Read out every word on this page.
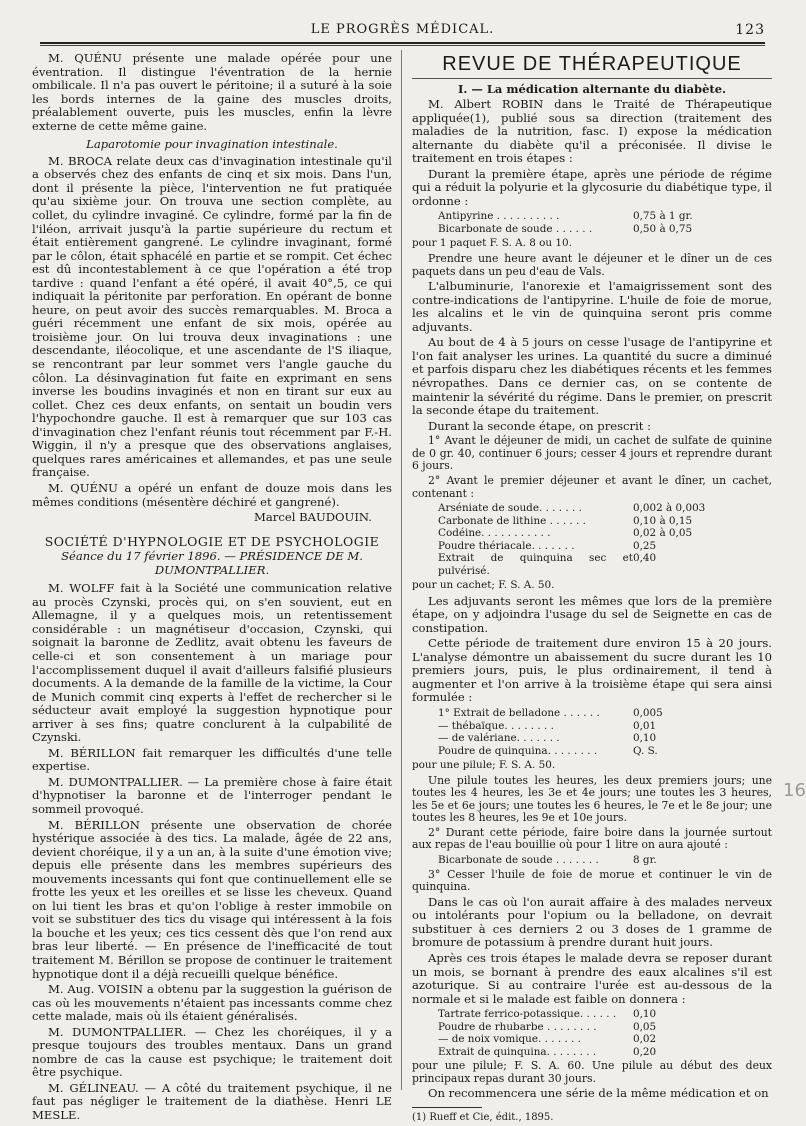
LE PROGRÈS MÉDICAL.	123

M. QUÉNU présente une malade opérée pour une éventration. Il distingue l'éventration de la hernie ombilicale. Il n'a pas ouvert le péritoine; il a suturé à la soie les bords internes de la gaine des muscles droits, préalablement ouverte, puis les muscles, enfin la lèvre externe de cette même gaine.

Laparotomie pour invagination intestinale.

M. BROCA relate deux cas d'invagination intestinale qu'il a observés chez des enfants de cinq et six mois. Dans l'un, dont il présente la pièce, l'intervention ne fut pratiquée qu'au sixième jour. On trouva une section complète, au collet, du cylindre invaginé. Ce cylindre, formé par la fin de l'iléon, arrivait jusqu'à la partie supérieure du rectum et était entièrement gangrené. Le cylindre invaginant, formé par le côlon, était sphacélé en partie et se rompit. Cet échec est dû incontestablement à ce que l'opération a été trop tardive : quand l'enfant a été opéré, il avait 40°,5, ce qui indiquait la péritonite par perforation. En opérant de bonne heure, on peut avoir des succès remarquables. M. Broca a guéri récemment une enfant de six mois, opérée au troisième jour. On lui trouva deux invaginations : une descendante, iléocolique, et une ascendante de l'S iliaque, se rencontrant par leur sommet vers l'angle gauche du côlon. La désinvagination fut faite en exprimant en sens inverse les boudins invaginés et non en tirant sur eux au collet. Chez ces deux enfants, on sentait un boudin vers l'hypochondre gauche. Il est à remarquer que sur 103 cas d'invagination chez l'enfant réunis tout récemment par F.-H. Wiggin, il n'y a presque que des observations anglaises, quelques rares américaines et allemandes, et pas une seule française.

M. QUÉNU a opéré un enfant de douze mois dans les mêmes conditions (mésentère déchiré et gangrené).

Marcel BAUDOUIN.

SOCIÉTÉ D'HYPNOLOGIE ET DE PSYCHOLOGIE

Séance du 17 février 1896. — PRÉSIDENCE DE M. DUMONTPALLIER.

M. WOLFF fait à la Société une communication relative au procès Czynski, procès qui, on s'en souvient, eut en Allemagne, il y a quelques mois, un retentissement considérable : un magnétiseur d'occasion, Czynski, qui soignait la baronne de Zedlitz, avait obtenu les faveurs de celle-ci et son consentement à un mariage pour l'accomplissement duquel il avait d'ailleurs falsifié plusieurs documents. A la demande de la famille de la victime, la Cour de Munich commit cinq experts à l'effet de rechercher si le séducteur avait employé la suggestion hypnotique pour arriver à ses fins; quatre conclurent à la culpabilité de Czynski.

M. BÉRILLON fait remarquer les difficultés d'une telle expertise.

M. DUMONTPALLIER. — La première chose à faire était d'hypnotiser la baronne et de l'interroger pendant le sommeil provoqué.

M. BÉRILLON présente une observation de chorée hystérique associée à des tics. La malade, âgée de 22 ans, devient choréique, il y a un an, à la suite d'une émotion vive; depuis elle présente dans les membres supérieurs des mouvements incessants qui font que continuellement elle se frotte les yeux et les oreilles et se lisse les cheveux. Quand on lui tient les bras et qu'on l'oblige à rester immobile on voit se substituer des tics du visage qui intéressent à la fois la bouche et les yeux; ces tics cessent dès que l'on rend aux bras leur liberté. — En présence de l'inefficacité de tout traitement M. Bérillon se propose de continuer le traitement hypnotique dont il a déjà recueilli quelque bénéfice.

M. Aug. VOISIN a obtenu par la suggestion la guérison de cas où les mouvements n'étaient pas incessants comme chez cette malade, mais où ils étaient généralisés.

M. DUMONTPALLIER. — Chez les choréiques, il y a presque toujours des troubles mentaux. Dans un grand nombre de cas la cause est psychique; le traitement doit être psychique.

M. GÉLINEAU. — A côté du traitement psychique, il ne faut pas négliger le traitement de la diathèse. Henri LE MESLE.

REVUE DE THÉRAPEUTIQUE

I. — La médication alternante du diabète.

M. Albert ROBIN dans le Traité de Thérapeutique appliquée(1), publié sous sa direction (traitement des maladies de la nutrition, fasc. I) expose la médication alternante du diabète qu'il a préconisée. Il divise le traitement en trois étapes :

Durant la première étape, après une période de régime qui a réduit la polyurie et la glycosurie du diabétique type, il ordonne :

Antipyrine . . . . . . . . . .	0,75 à 1 gr.
Bicarbonate de soude . . . . . .	0,50 à 0,75

pour 1 paquet F. S. A. 8 ou 10.

Prendre une heure avant le déjeuner et le dîner un de ces paquets dans un peu d'eau de Vals.

L'albuminurie, l'anorexie et l'amaigrissement sont des contre-indications de l'antipyrine. L'huile de foie de morue, les alcalins et le vin de quinquina seront pris comme adjuvants.

Au bout de 4 à 5 jours on cesse l'usage de l'antipyrine et l'on fait analyser les urines. La quantité du sucre a diminué et parfois disparu chez les diabétiques récents et les femmes névropathes. Dans ce dernier cas, on se contente de maintenir la sévérité du régime. Dans le premier, on prescrit la seconde étape du traitement.

Durant la seconde étape, on prescrit :

1° Avant le déjeuner de midi, un cachet de sulfate de quinine de 0 gr. 40, continuer 6 jours; cesser 4 jours et reprendre durant 6 jours.

2° Avant le premier déjeuner et avant le dîner, un cachet, contenant :

Arséniate de soude. . . . . . .	0,002 à 0,003
Carbonate de lithine . . . . . .	0,10 à 0,15
Codéine. . . . . . . . . . .	0,02 à 0,05
Poudre thériacale. . . . . . .	0,25
Extrait de quinquina sec et pulvérisé.
0,40

pour un cachet; F. S. A. 50.

Les adjuvants seront les mêmes que lors de la première étape, on y adjoindra l'usage du sel de Seignette en cas de constipation.

Cette période de traitement dure environ 15 à 20 jours. L'analyse démontre un abaissement du sucre durant les 10 premiers jours, puis, le plus ordinairement, il tend à augmenter et l'on arrive à la troisième étape qui sera ainsi formulée :

1° Extrait de belladone . . . . . .	0,005
— thébaïque. . . . . . . .	0,01
— de valériane. . . . . . .	0,10
Poudre de quinquina. . . . . . . .	Q. S.

pour une pilule; F. S. A. 50.

Une pilule toutes les heures, les deux premiers jours; une toutes les 4 heures, les 3e et 4e jours; une toutes les 3 heures, les 5e et 6e jours; une toutes les 6 heures, le 7e et le 8e jour; une toutes les 8 heures, les 9e et 10e jours.

2° Durant cette période, faire boire dans la journée surtout aux repas de l'eau bouillie où pour 1 litre on aura ajouté :

Bicarbonate de soude . . . . . . .	8 gr.

3° Cesser l'huile de foie de morue et continuer le vin de quinquina.

Dans le cas où l'on aurait affaire à des malades nerveux ou intolérants pour l'opium ou la belladone, on devrait substituer à ces derniers 2 ou 3 doses de 1 gramme de bromure de potassium à prendre durant huit jours.

Après ces trois étapes le malade devra se reposer durant un mois, se bornant à prendre des eaux alcalines s'il est azoturique. Si au contraire l'urée est au-dessous de la normale et si le malade est faible on donnera :

Tartrate ferrico-potassique. . . . . .	0,10
Poudre de rhubarbe . . . . . . . .	0,05
— de noix vomique. . . . . . .	0,02
Extrait de quinquina. . . . . . . .	0,20

pour une pilule; F. S. A. 60. Une pilule au début des deux principaux repas durant 30 jours.

On recommencera une série de la même médication et on

(1) Rueff et Cie, édit., 1895.

16
